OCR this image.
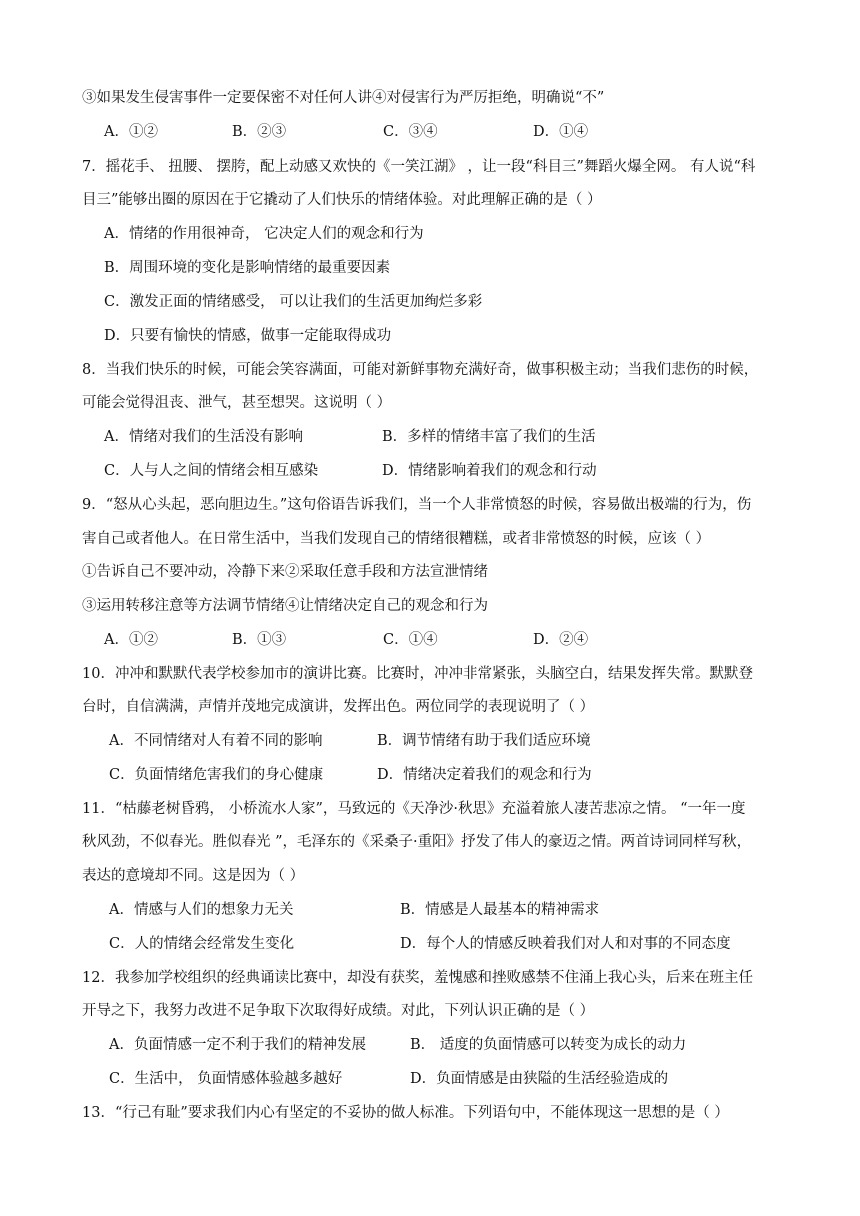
③如果发生侵害事件一定要保密不对任何人讲④对侵害行为严厉拒绝，明确说“不”
A．①②	B．②③	C．③④	D．①④
7．摇花手、 扭腰、 摆胯，配上动感又欢快的《一笑江湖》 ，让一段“科目三”舞蹈火爆全网。 有人说“科
目三”能够出圈的原因在于它撬动了人们快乐的情绪体验。对此理解正确的是（ ）
A．情绪的作用很神奇， 它决定人们的观念和行为
B．周围环境的变化是影响情绪的最重要因素
C．激发正面的情绪感受， 可以让我们的生活更加绚烂多彩
D．只要有愉快的情感，做事一定能取得成功
8．当我们快乐的时候，可能会笑容满面，可能对新鲜事物充满好奇，做事积极主动；当我们悲伤的时候，
可能会觉得沮丧、泄气，甚至想哭。这说明（ ）
A．情绪对我们的生活没有影响	B．多样的情绪丰富了我们的生活
C．人与人之间的情绪会相互感染	D．情绪影响着我们的观念和行动
9．“怒从心头起，恶向胆边生。”这句俗语告诉我们，当一个人非常愤怒的时候，容易做出极端的行为，伤
害自己或者他人。在日常生活中，当我们发现自己的情绪很糟糕，或者非常愤怒的时候，应该（ ）
①告诉自己不要冲动，冷静下来②采取任意手段和方法宣泄情绪
③运用转移注意等方法调节情绪④让情绪决定自己的观念和行为
A．①②	B．①③	C．①④	D．②④
10．冲冲和默默代表学校参加市的演讲比赛。比赛时，冲冲非常紧张，头脑空白，结果发挥失常。默默登
台时，自信满满，声情并茂地完成演讲，发挥出色。两位同学的表现说明了（ ）
A．不同情绪对人有着不同的影响	B．调节情绪有助于我们适应环境
C．负面情绪危害我们的身心健康	D．情绪决定着我们的观念和行为
11．“枯藤老树昏鸦， 小桥流水人家”，马致远的《天净沙·秋思》充溢着旅人凄苦悲凉之情。 “一年一度
秋风劲，不似春光。胜似春光 ”，毛泽东的《采桑子·重阳》抒发了伟人的豪迈之情。两首诗词同样写秋，
表达的意境却不同。这是因为（ ）
A．情感与人们的想象力无关	B．情感是人最基本的精神需求
C．人的情绪会经常发生变化	D．每个人的情感反映着我们对人和对事的不同态度
12．我参加学校组织的经典诵读比赛中，却没有获奖，羞愧感和挫败感禁不住涌上我心头，后来在班主任
开导之下，我努力改进不足争取下次取得好成绩。对此，下列认识正确的是（ ）
A．负面情感一定不利于我们的精神发展	B． 适度的负面情感可以转变为成长的动力
C．生活中， 负面情感体验越多越好	D．负面情感是由狭隘的生活经验造成的
13．“行己有耻”要求我们内心有坚定的不妥协的做人标准。下列语句中，不能体现这一思想的是（ ）
